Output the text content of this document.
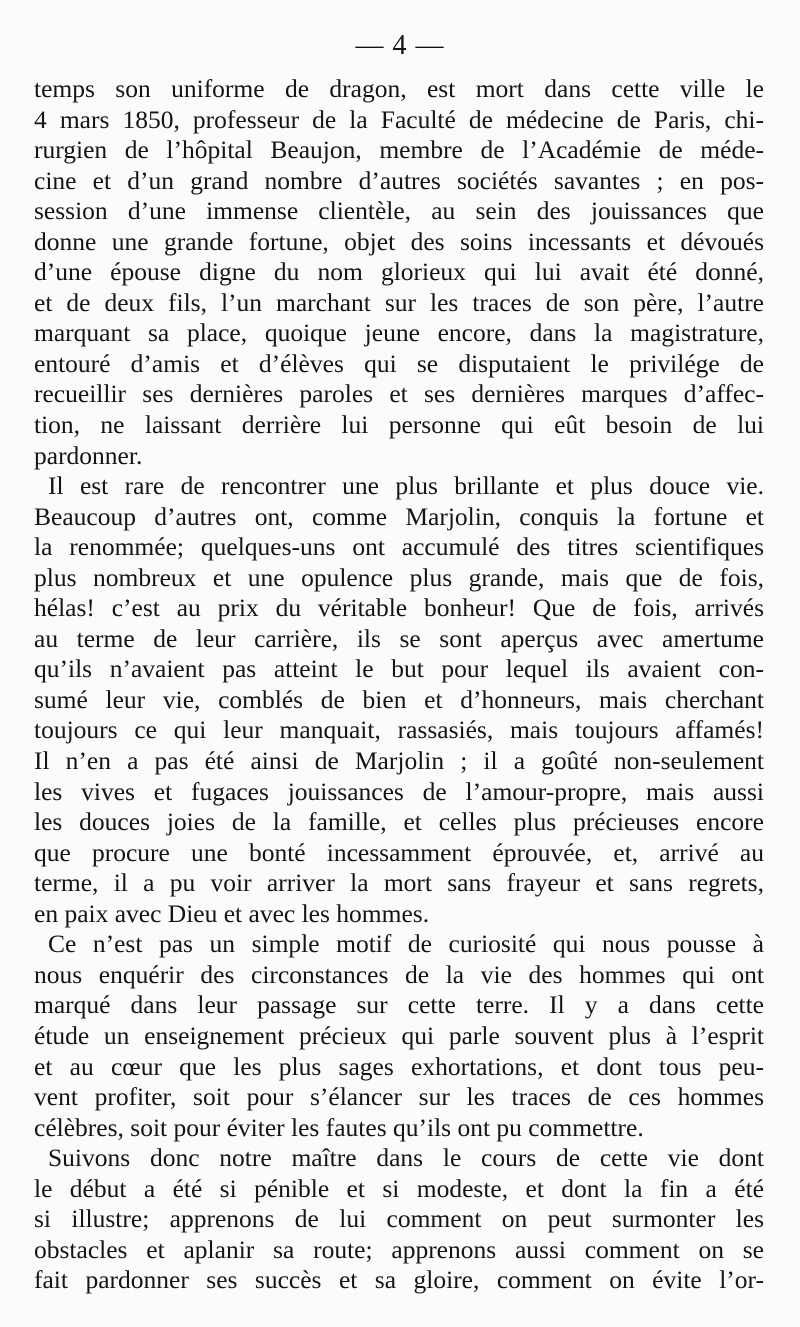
— 4 —
temps son uniforme de dragon, est mort dans cette ville le
4 mars 1850, professeur de la Faculté de médecine de Paris, chi-
rurgien de l’hôpital Beaujon, membre de l’Académie de méde-
cine et d’un grand nombre d’autres sociétés savantes ; en pos-
session d’une immense clientèle, au sein des jouissances que
donne une grande fortune, objet des soins incessants et dévoués
d’une épouse digne du nom glorieux qui lui avait été donné,
et de deux fils, l’un marchant sur les traces de son père, l’autre
marquant sa place, quoique jeune encore, dans la magistrature,
entouré d’amis et d’élèves qui se disputaient le privilége de
recueillir ses dernières paroles et ses dernières marques d’affec-
tion, ne laissant derrière lui personne qui eût besoin de lui
pardonner.
Il est rare de rencontrer une plus brillante et plus douce vie.
Beaucoup d’autres ont, comme Marjolin, conquis la fortune et
la renommée; quelques-uns ont accumulé des titres scientifiques
plus nombreux et une opulence plus grande, mais que de fois,
hélas! c’est au prix du véritable bonheur! Que de fois, arrivés
au terme de leur carrière, ils se sont aperçus avec amertume
qu’ils n’avaient pas atteint le but pour lequel ils avaient con-
sumé leur vie, comblés de bien et d’honneurs, mais cherchant
toujours ce qui leur manquait, rassasiés, mais toujours affamés!
Il n’en a pas été ainsi de Marjolin ; il a goûté non-seulement
les vives et fugaces jouissances de l’amour-propre, mais aussi
les douces joies de la famille, et celles plus précieuses encore
que procure une bonté incessamment éprouvée, et, arrivé au
terme, il a pu voir arriver la mort sans frayeur et sans regrets,
en paix avec Dieu et avec les hommes.
Ce n’est pas un simple motif de curiosité qui nous pousse à
nous enquérir des circonstances de la vie des hommes qui ont
marqué dans leur passage sur cette terre. Il y a dans cette
étude un enseignement précieux qui parle souvent plus à l’esprit
et au cœur que les plus sages exhortations, et dont tous peu-
vent profiter, soit pour s’élancer sur les traces de ces hommes
célèbres, soit pour éviter les fautes qu’ils ont pu commettre.
Suivons donc notre maître dans le cours de cette vie dont
le début a été si pénible et si modeste, et dont la fin a été
si illustre; apprenons de lui comment on peut surmonter les
obstacles et aplanir sa route; apprenons aussi comment on se
fait pardonner ses succès et sa gloire, comment on évite l’or-
